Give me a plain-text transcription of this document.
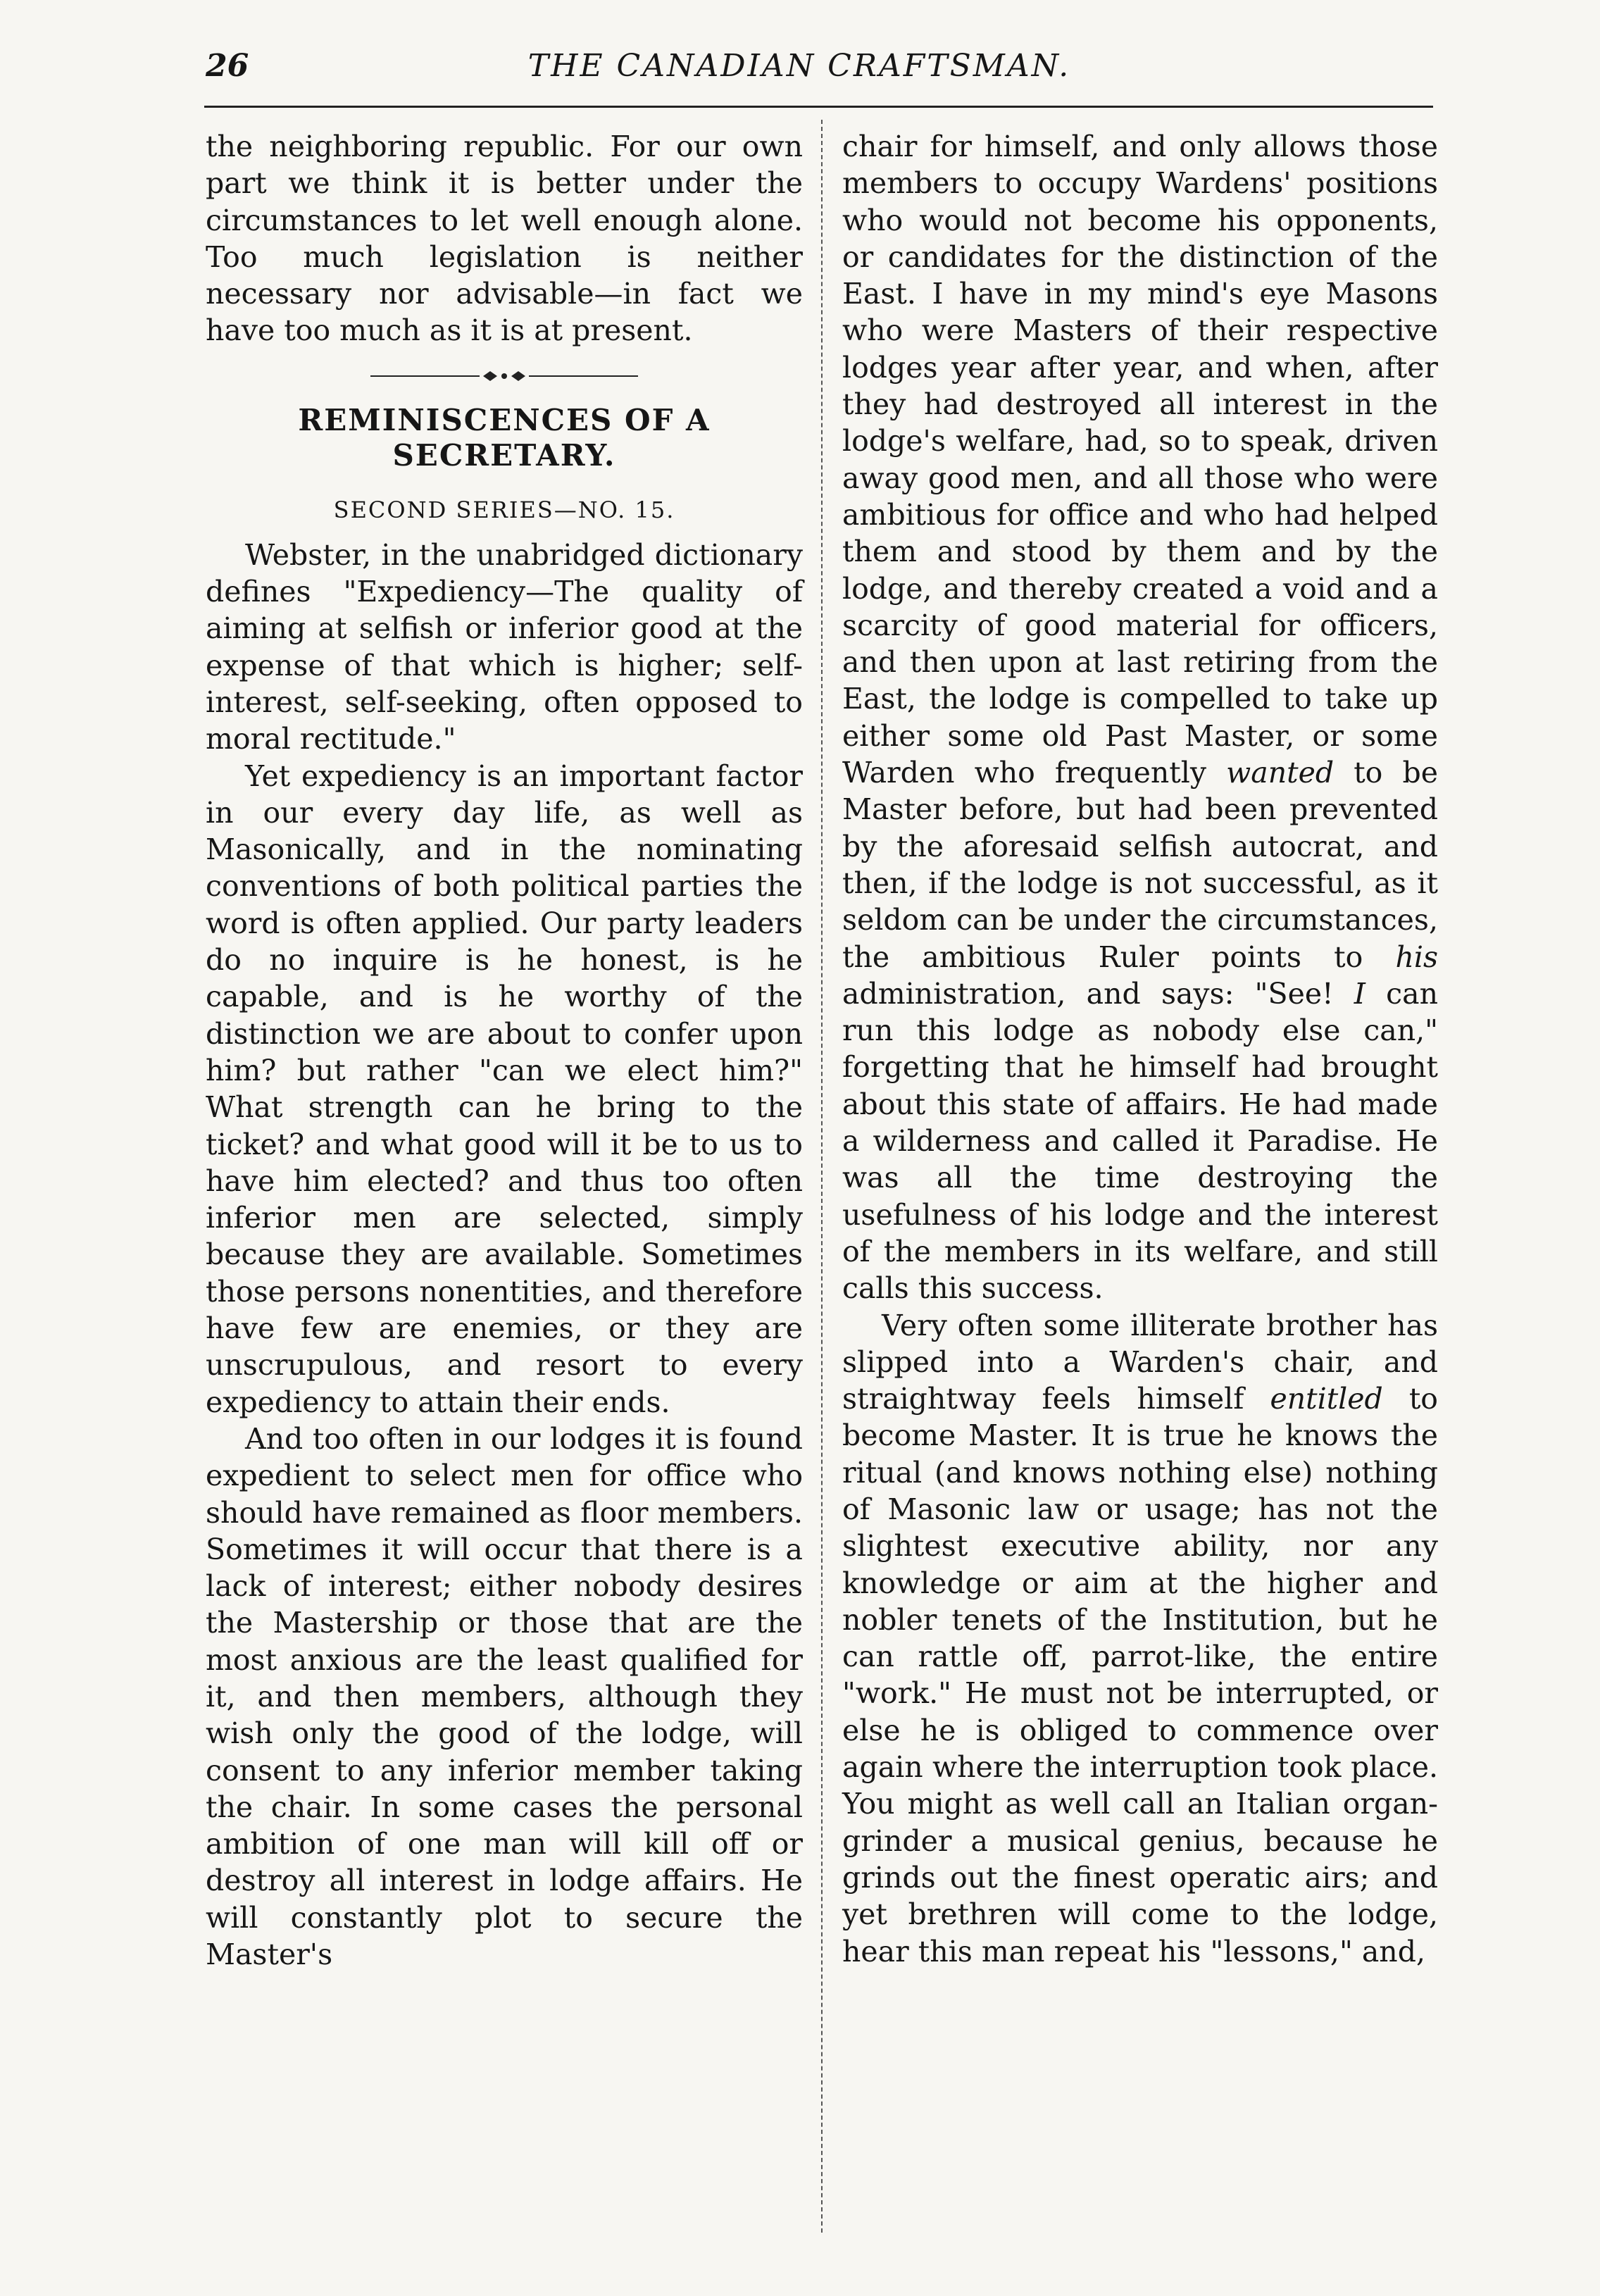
26	THE CANADIAN CRAFTSMAN.

the neighboring republic. For our own part we think it is better under the circumstances to let well enough alone. Too much legislation is neither necessary nor advisable—in fact we have too much as it is at present.

REMINISCENCES OF A SECRETARY.
SECOND SERIES—NO. 15.

Webster, in the unabridged dictionary defines "Expediency—The quality of aiming at selfish or inferior good at the expense of that which is higher; self-interest, self-seeking, often opposed to moral rectitude."

Yet expediency is an important factor in our every day life, as well as Masonically, and in the nominating conventions of both political parties the word is often applied. Our party leaders do no inquire is he honest, is he capable, and is he worthy of the distinction we are about to confer upon him? but rather "can we elect him?" What strength can he bring to the ticket? and what good will it be to us to have him elected? and thus too often inferior men are selected, simply because they are available. Sometimes those persons nonentities, and therefore have few are enemies, or they are unscrupulous, and resort to every expediency to attain their ends.

And too often in our lodges it is found expedient to select men for office who should have remained as floor members. Sometimes it will occur that there is a lack of interest; either nobody desires the Mastership or those that are the most anxious are the least qualified for it, and then members, although they wish only the good of the lodge, will consent to any inferior member taking the chair. In some cases the personal ambition of one man will kill off or destroy all interest in lodge affairs. He will constantly plot to secure the Master's

chair for himself, and only allows those members to occupy Wardens' positions who would not become his opponents, or candidates for the distinction of the East. I have in my mind's eye Masons who were Masters of their respective lodges year after year, and when, after they had destroyed all interest in the lodge's welfare, had, so to speak, driven away good men, and all those who were ambitious for office and who had helped them and stood by them and by the lodge, and thereby created a void and a scarcity of good material for officers, and then upon at last retiring from the East, the lodge is compelled to take up either some old Past Master, or some Warden who frequently wanted to be Master before, but had been prevented by the aforesaid selfish autocrat, and then, if the lodge is not successful, as it seldom can be under the circumstances, the ambitious Ruler points to his administration, and says: "See! I can run this lodge as nobody else can," forgetting that he himself had brought about this state of affairs. He had made a wilderness and called it Paradise. He was all the time destroying the usefulness of his lodge and the interest of the members in its welfare, and still calls this success.

Very often some illiterate brother has slipped into a Warden's chair, and straightway feels himself entitled to become Master. It is true he knows the ritual (and knows nothing else) nothing of Masonic law or usage; has not the slightest executive ability, nor any knowledge or aim at the higher and nobler tenets of the Institution, but he can rattle off, parrot-like, the entire "work." He must not be interrupted, or else he is obliged to commence over again where the interruption took place. You might as well call an Italian organ-grinder a musical genius, because he grinds out the finest operatic airs; and yet brethren will come to the lodge, hear this man repeat his "lessons," and,
